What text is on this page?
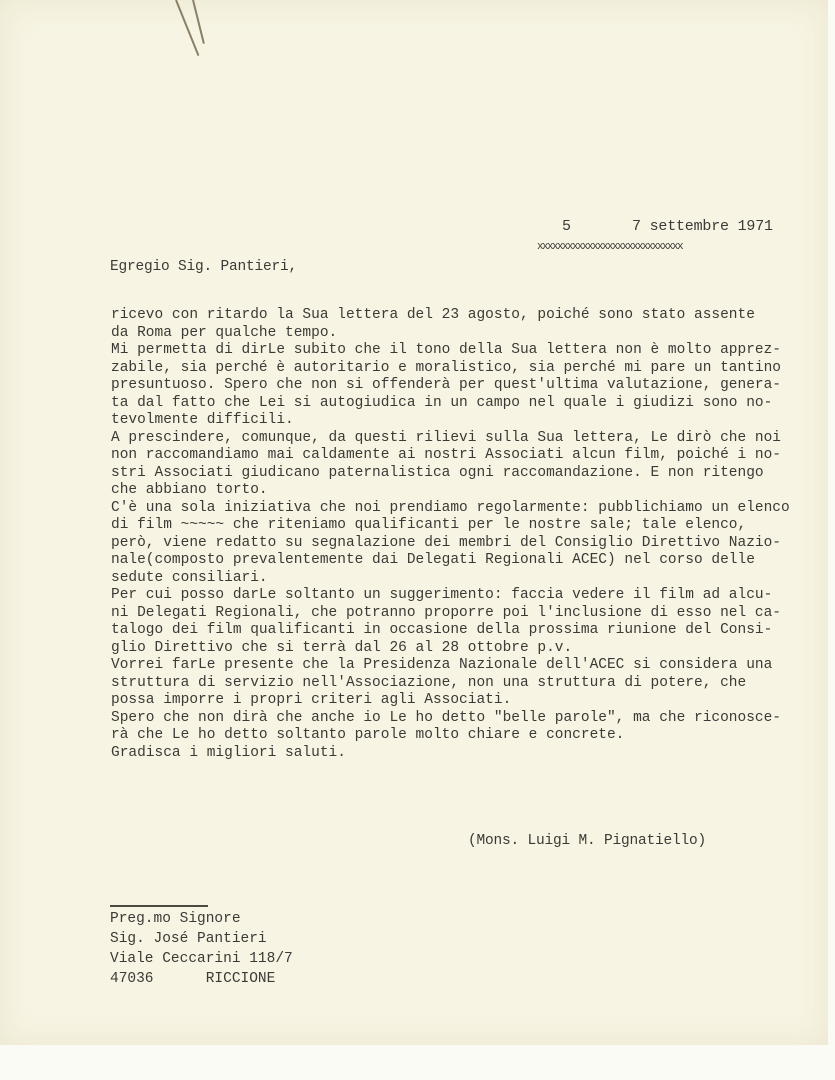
5	7 settembre 1971
xxxxxxxxxxxxxxxxxxxxxxxxxxxxx
Egregio Sig. Pantieri,
ricevo con ritardo la Sua lettera del 23 agosto, poiché sono stato assente
da Roma per qualche tempo.
Mi permetta di dirLe subito che il tono della Sua lettera non è molto apprez-
zabile, sia perché è autoritario e moralistico, sia perché mi pare un tantino
presuntuoso. Spero che non si offenderà per quest'ultima valutazione, genera-
ta dal fatto che Lei si autogiudica in un campo nel quale i giudizi sono no-
tevolmente difficili.
A prescindere, comunque, da questi rilievi sulla Sua lettera, Le dirò che noi
non raccomandiamo mai caldamente ai nostri Associati alcun film, poiché i no-
stri Associati giudicano paternalistica ogni raccomandazione. E non ritengo
che abbiano torto.
C'è una sola iniziativa che noi prendiamo regolarmente: pubblichiamo un elenco
di film ~~~~~ che riteniamo qualificanti per le nostre sale; tale elenco,
però, viene redatto su segnalazione dei membri del Consiglio Direttivo Nazio-
nale(composto prevalentemente dai Delegati Regionali ACEC) nel corso delle
sedute consiliari.
Per cui posso darLe soltanto un suggerimento: faccia vedere il film ad alcu-
ni Delegati Regionali, che potranno proporre poi l'inclusione di esso nel ca-
talogo dei film qualificanti in occasione della prossima riunione del Consi-
glio Direttivo che si terrà dal 26 al 28 ottobre p.v.
Vorrei farLe presente che la Presidenza Nazionale dell'ACEC si considera una
struttura di servizio nell'Associazione, non una struttura di potere, che
possa imporre i propri criteri agli Associati.
Spero che non dirà che anche io Le ho detto "belle parole", ma che riconosce-
rà che Le ho detto soltanto parole molto chiare e concrete.
Gradisca i migliori saluti.
(Mons. Luigi M. Pignatiello)
Preg.mo Signore
Sig. José Pantieri
Viale Ceccarini 118/7
47036      RICCIONE
